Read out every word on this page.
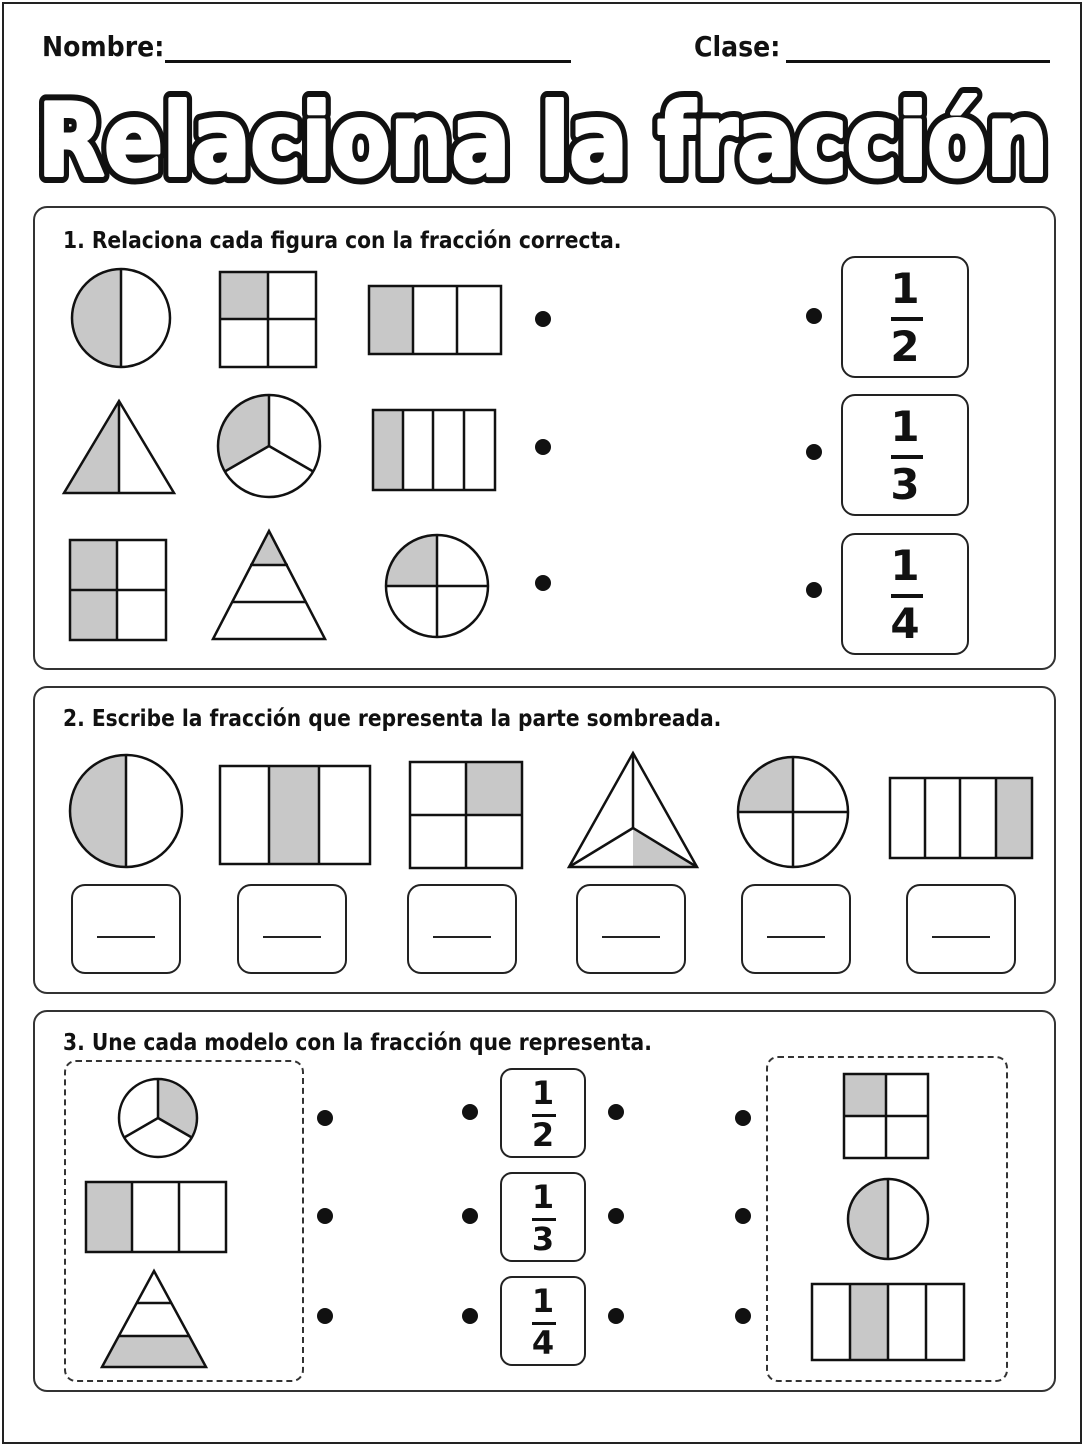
Nombre:	Clase:
Relaciona la fracción
Relaciona la fracción
1. Relaciona cada figura con la fracción correcta.
1
2
1
3
1
4
2. Escribe la fracción que representa la parte sombreada.
3. Une cada modelo con la fracción que representa.
1
2
1
3
1
4
